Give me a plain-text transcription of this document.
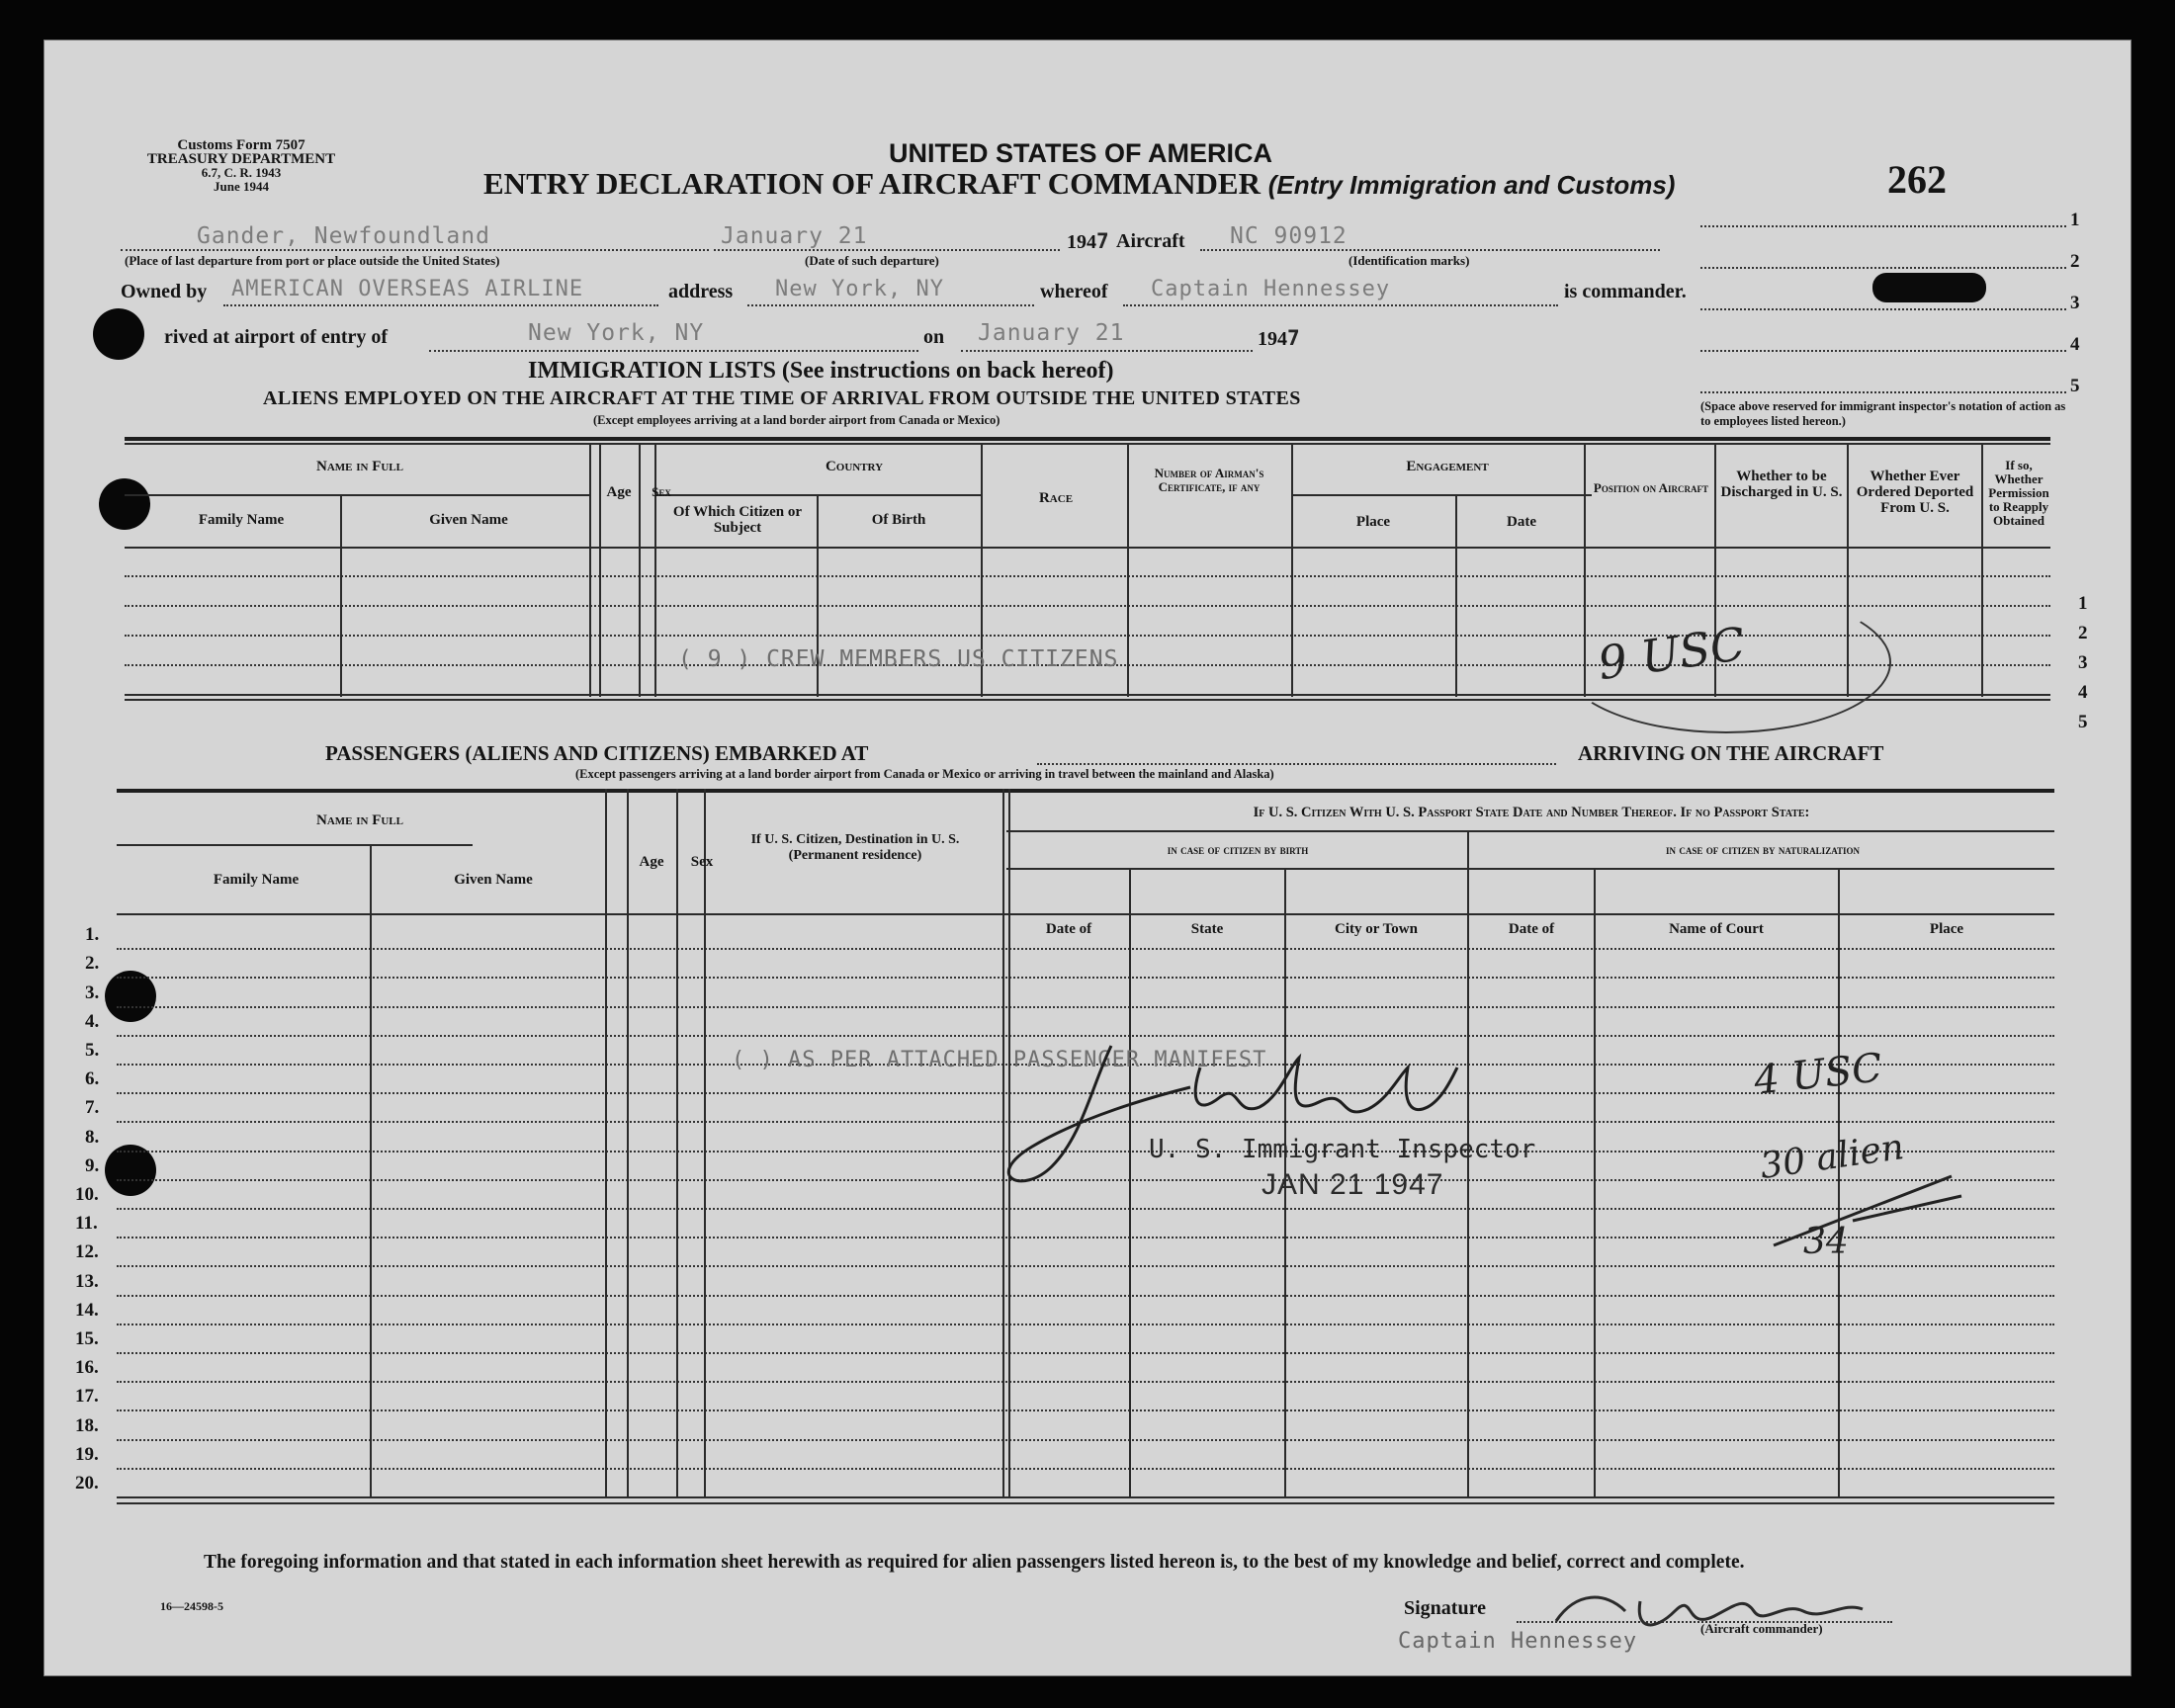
Customs Form 7507
TREASURY DEPARTMENT
6.7, C. R. 1943
June 1944
UNITED STATES OF AMERICA
ENTRY DECLARATION OF AIRCRAFT COMMANDER (Entry Immigration and Customs)	262
1
2
3
4
5
(Space above reserved for immigrant inspector's notation of action as to employees listed hereon.)
Gander, Newfoundland
(Place of last departure from port or place outside the United States)
January 21
(Date of such departure)
1947 Aircraft NC 90912
(Identification marks)
Owned by AMERICAN OVERSEAS AIRLINE	address New York, NY	whereof Captain Hennessey	is commander.
rived at airport of entry of	New York, NY	on January 21	1947
IMMIGRATION LISTS (See instructions on back hereof)
ALIENS EMPLOYED ON THE AIRCRAFT AT THE TIME OF ARRIVAL FROM OUTSIDE THE UNITED STATES
(Except employees arriving at a land border airport from Canada or Mexico)
Name in Full
Family Name	Given Name
Age	Sex
Country
Of Which Citizen or Subject	Of Birth
Race
Number of Airman's Certificate, if any
Engagement
Place	Date
Position on Aircraft
Whether to be Discharged in U. S.
Whether Ever Ordered Deported From U. S.
If so, Whether Permission to Reapply Obtained
1
2
3
4
5
( 9 ) CREW MEMBERS US CITIZENS	9 USC
PASSENGERS (ALIENS AND CITIZENS) EMBARKED AT	ARRIVING ON THE AIRCRAFT
(Except passengers arriving at a land border airport from Canada or Mexico or arriving in travel between the mainland and Alaska)
1.
2.
3.
4.
5.
6.
7.
8.
9.
10.
11.
12.
13.
14.
15.
16.
17.
18.
19.
20.
Name in Full
Family Name	Given Name
Age	Sex
If U. S. Citizen, Destination in U. S. (Permanent residence)
If U. S. Citizen With U. S. Passport State Date and Number Thereof. If no Passport State:
in case of citizen by birth	in case of citizen by naturalization
Date of	State	City or Town	Date of	Name of Court	Place
( ) AS PER ATTACHED PASSENGER MANIFEST
U. S. Immigrant Inspector
JAN 21 1947
4 USC
30 alien
34
The foregoing information and that stated in each information sheet herewith as required for alien passengers listed hereon is, to the best of my knowledge and belief, correct and complete.
16—24598-5	Signature
(Aircraft commander)
Captain Hennessey
